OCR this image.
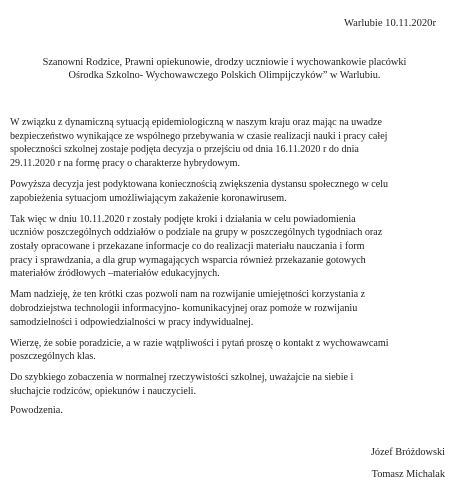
Warlubie 10.11.2020r
Szanowni Rodzice, Prawni opiekunowie, drodzy uczniowie i wychowankowie placówki
Ośrodka Szkolno- Wychowawczego Polskich Olimpijczyków” w Warlubiu.

W związku z dynamiczną sytuacją epidemiologiczną w naszym kraju oraz mając na uwadze
bezpieczeństwo wynikające ze wspólnego przebywania w czasie realizacji nauki i pracy całej
społeczności szkolnej zostaje podjęta decyzja o przejściu od dnia 16.11.2020 r do dnia
29.11.2020 r na formę pracy o charakterze hybrydowym.

Powyższa decyzja jest podyktowana koniecznością zwiększenia dystansu społecznego w celu
zapobieżenia sytuacjom umożliwiającym zakażenie koronawirusem.

Tak więc w dniu 10.11.2020 r zostały podjęte kroki i działania w celu powiadomienia
uczniów poszczególnych oddziałów o podziale na grupy w poszczególnych tygodniach oraz
zostały opracowane i przekazane informacje co do realizacji materiału nauczania i form
pracy i sprawdzania, a dla grup wymagających wsparcia również przekazanie gotowych
materiałów źródłowych –materiałów edukacyjnych.

Mam nadzieję, że ten krótki czas pozwoli nam na rozwijanie umiejętności korzystania z
dobrodziejstwa technologii informacyjno- komunikacyjnej oraz pomoże w rozwijaniu
samodzielności i odpowiedzialności w pracy indywidualnej.

Wierzę, że sobie poradzicie, a w razie wątpliwości i pytań proszę o kontakt z wychowawcami
poszczególnych klas.

Do szybkiego zobaczenia w normalnej rzeczywistości szkolnej, uważajcie na siebie i
słuchajcie rodziców, opiekunów i nauczycieli.

Powodzenia.
Józef Bróżdowski
Tomasz Michalak
